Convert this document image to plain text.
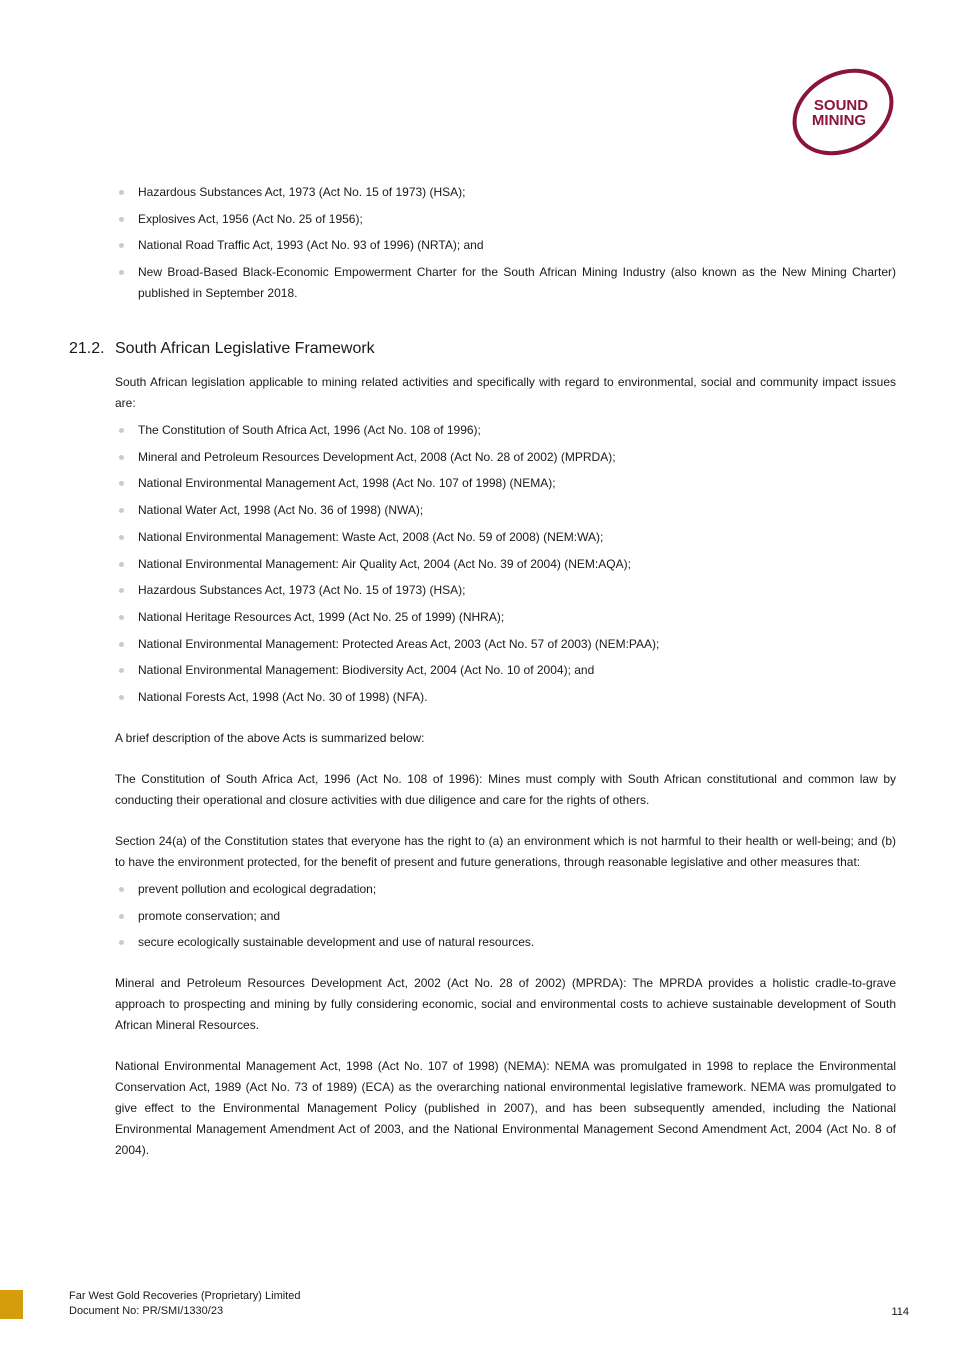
SOUND
MINING
Hazardous Substances Act, 1973 (Act No. 15 of 1973) (HSA);
Explosives Act, 1956 (Act No. 25 of 1956);
National Road Traffic Act, 1993 (Act No. 93 of 1996) (NRTA); and
New Broad-Based Black-Economic Empowerment Charter for the South African Mining Industry (also known as the New Mining Charter) published in September 2018.
21.2. South African Legislative Framework

South African legislation applicable to mining related activities and specifically with regard to environmental, social and community impact issues are:

The Constitution of South Africa Act, 1996 (Act No. 108 of 1996);
Mineral and Petroleum Resources Development Act, 2008 (Act No. 28 of 2002) (MPRDA);
National Environmental Management Act, 1998 (Act No. 107 of 1998) (NEMA);
National Water Act, 1998 (Act No. 36 of 1998) (NWA);
National Environmental Management: Waste Act, 2008 (Act No. 59 of 2008) (NEM:WA);
National Environmental Management: Air Quality Act, 2004 (Act No. 39 of 2004) (NEM:AQA);
Hazardous Substances Act, 1973 (Act No. 15 of 1973) (HSA);
National Heritage Resources Act, 1999 (Act No. 25 of 1999) (NHRA);
National Environmental Management: Protected Areas Act, 2003 (Act No. 57 of 2003) (NEM:PAA);
National Environmental Management: Biodiversity Act, 2004 (Act No. 10 of 2004); and
National Forests Act, 1998 (Act No. 30 of 1998) (NFA).

A brief description of the above Acts is summarized below:

The Constitution of South Africa Act, 1996 (Act No. 108 of 1996): Mines must comply with South African constitutional and common law by conducting their operational and closure activities with due diligence and care for the rights of others.

Section 24(a) of the Constitution states that everyone has the right to (a) an environment which is not harmful to their health or well-being; and (b) to have the environment protected, for the benefit of present and future generations, through reasonable legislative and other measures that:

prevent pollution and ecological degradation;
promote conservation; and
secure ecologically sustainable development and use of natural resources.

Mineral and Petroleum Resources Development Act, 2002 (Act No. 28 of 2002) (MPRDA): The MPRDA provides a holistic cradle-to-grave approach to prospecting and mining by fully considering economic, social and environmental costs to achieve sustainable development of South African Mineral Resources.

National Environmental Management Act, 1998 (Act No. 107 of 1998) (NEMA): NEMA was promulgated in 1998 to replace the Environmental Conservation Act, 1989 (Act No. 73 of 1989) (ECA) as the overarching national environmental legislative framework. NEMA was promulgated to give effect to the Environmental Management Policy (published in 2007), and has been subsequently amended, including the National Environmental Management Amendment Act of 2003, and the National Environmental Management Second Amendment Act, 2004 (Act No. 8 of 2004).

Far West Gold Recoveries (Proprietary) Limited
Document No: PR/SMI/1330/23	114
